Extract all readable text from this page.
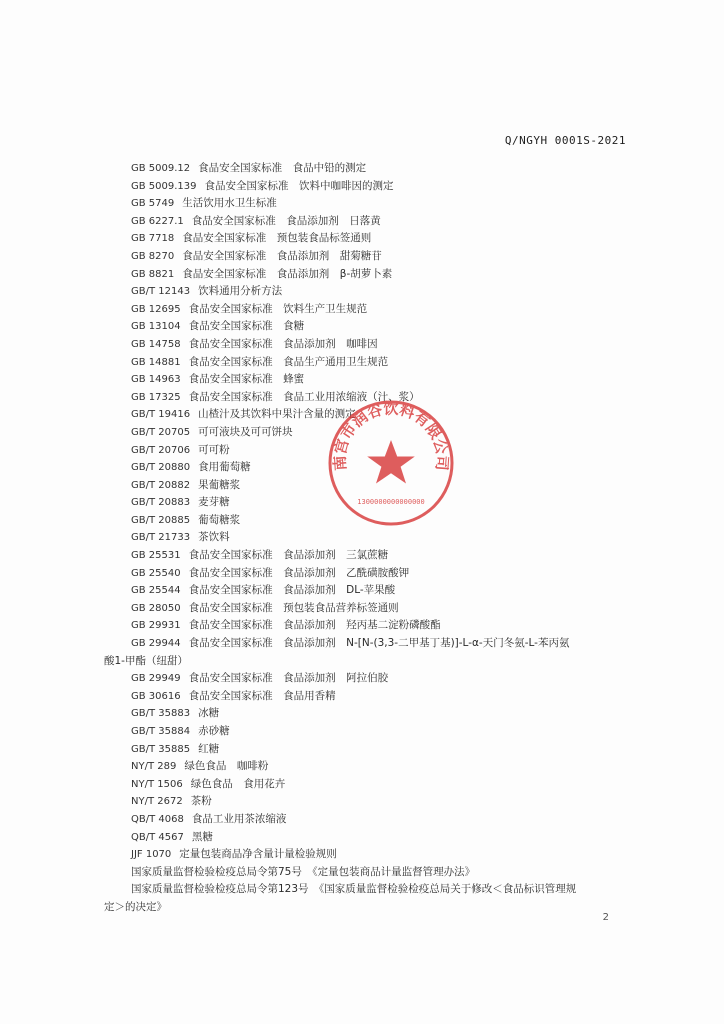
Q/NGYH 0001S-2021
GB 5009.12 食品安全国家标准　食品中铅的测定
GB 5009.139 食品安全国家标准　饮料中咖啡因的测定
GB 5749 生活饮用水卫生标准
GB 6227.1 食品安全国家标准　食品添加剂　日落黄
GB 7718 食品安全国家标准　预包装食品标签通则
GB 8270 食品安全国家标准　食品添加剂　甜菊糖苷
GB 8821 食品安全国家标准　食品添加剂　β-胡萝卜素
GB/T 12143 饮料通用分析方法
GB 12695 食品安全国家标准　饮料生产卫生规范
GB 13104 食品安全国家标准　食糖
GB 14758 食品安全国家标准　食品添加剂　咖啡因
GB 14881 食品安全国家标准　食品生产通用卫生规范
GB 14963 食品安全国家标准　蜂蜜
GB 17325 食品安全国家标准　食品工业用浓缩液（汁、浆）
GB/T 19416 山楂汁及其饮料中果汁含量的测定
GB/T 20705 可可液块及可可饼块
GB/T 20706 可可粉
GB/T 20880 食用葡萄糖
GB/T 20882 果葡糖浆
GB/T 20883 麦芽糖
GB/T 20885 葡萄糖浆
GB/T 21733 茶饮料
GB 25531 食品安全国家标准　食品添加剂　三氯蔗糖
GB 25540 食品安全国家标准　食品添加剂　乙酰磺胺酸钾
GB 25544 食品安全国家标准　食品添加剂　DL-苹果酸
GB 28050 食品安全国家标准　预包装食品营养标签通则
GB 29931 食品安全国家标准　食品添加剂　羟丙基二淀粉磷酸酯
GB 29944 食品安全国家标准　食品添加剂　N-[N-(3,3-二甲基丁基)]-L-α-天门冬氨-L-苯丙氨
酸1-甲酯（纽甜）
GB 29949 食品安全国家标准　食品添加剂　阿拉伯胶
GB 30616 食品安全国家标准　食品用香精
GB/T 35883 冰糖
GB/T 35884 赤砂糖
GB/T 35885 红糖
NY/T 289 绿色食品　咖啡粉
NY/T 1506 绿色食品　食用花卉
NY/T 2672 茶粉
QB/T 4068 食品工业用茶浓缩液
QB/T 4567 黑糖
JJF 1070 定量包装商品净含量计量检验规则
国家质量监督检验检疫总局令第75号　《定量包装商品计量监督管理办法》
国家质量监督检验检疫总局令第123号　《国家质量监督检验检疫总局关于修改＜食品标识管理规
定＞的决定》
南宫市润谷饮料有限公司
1300000000000000
2
